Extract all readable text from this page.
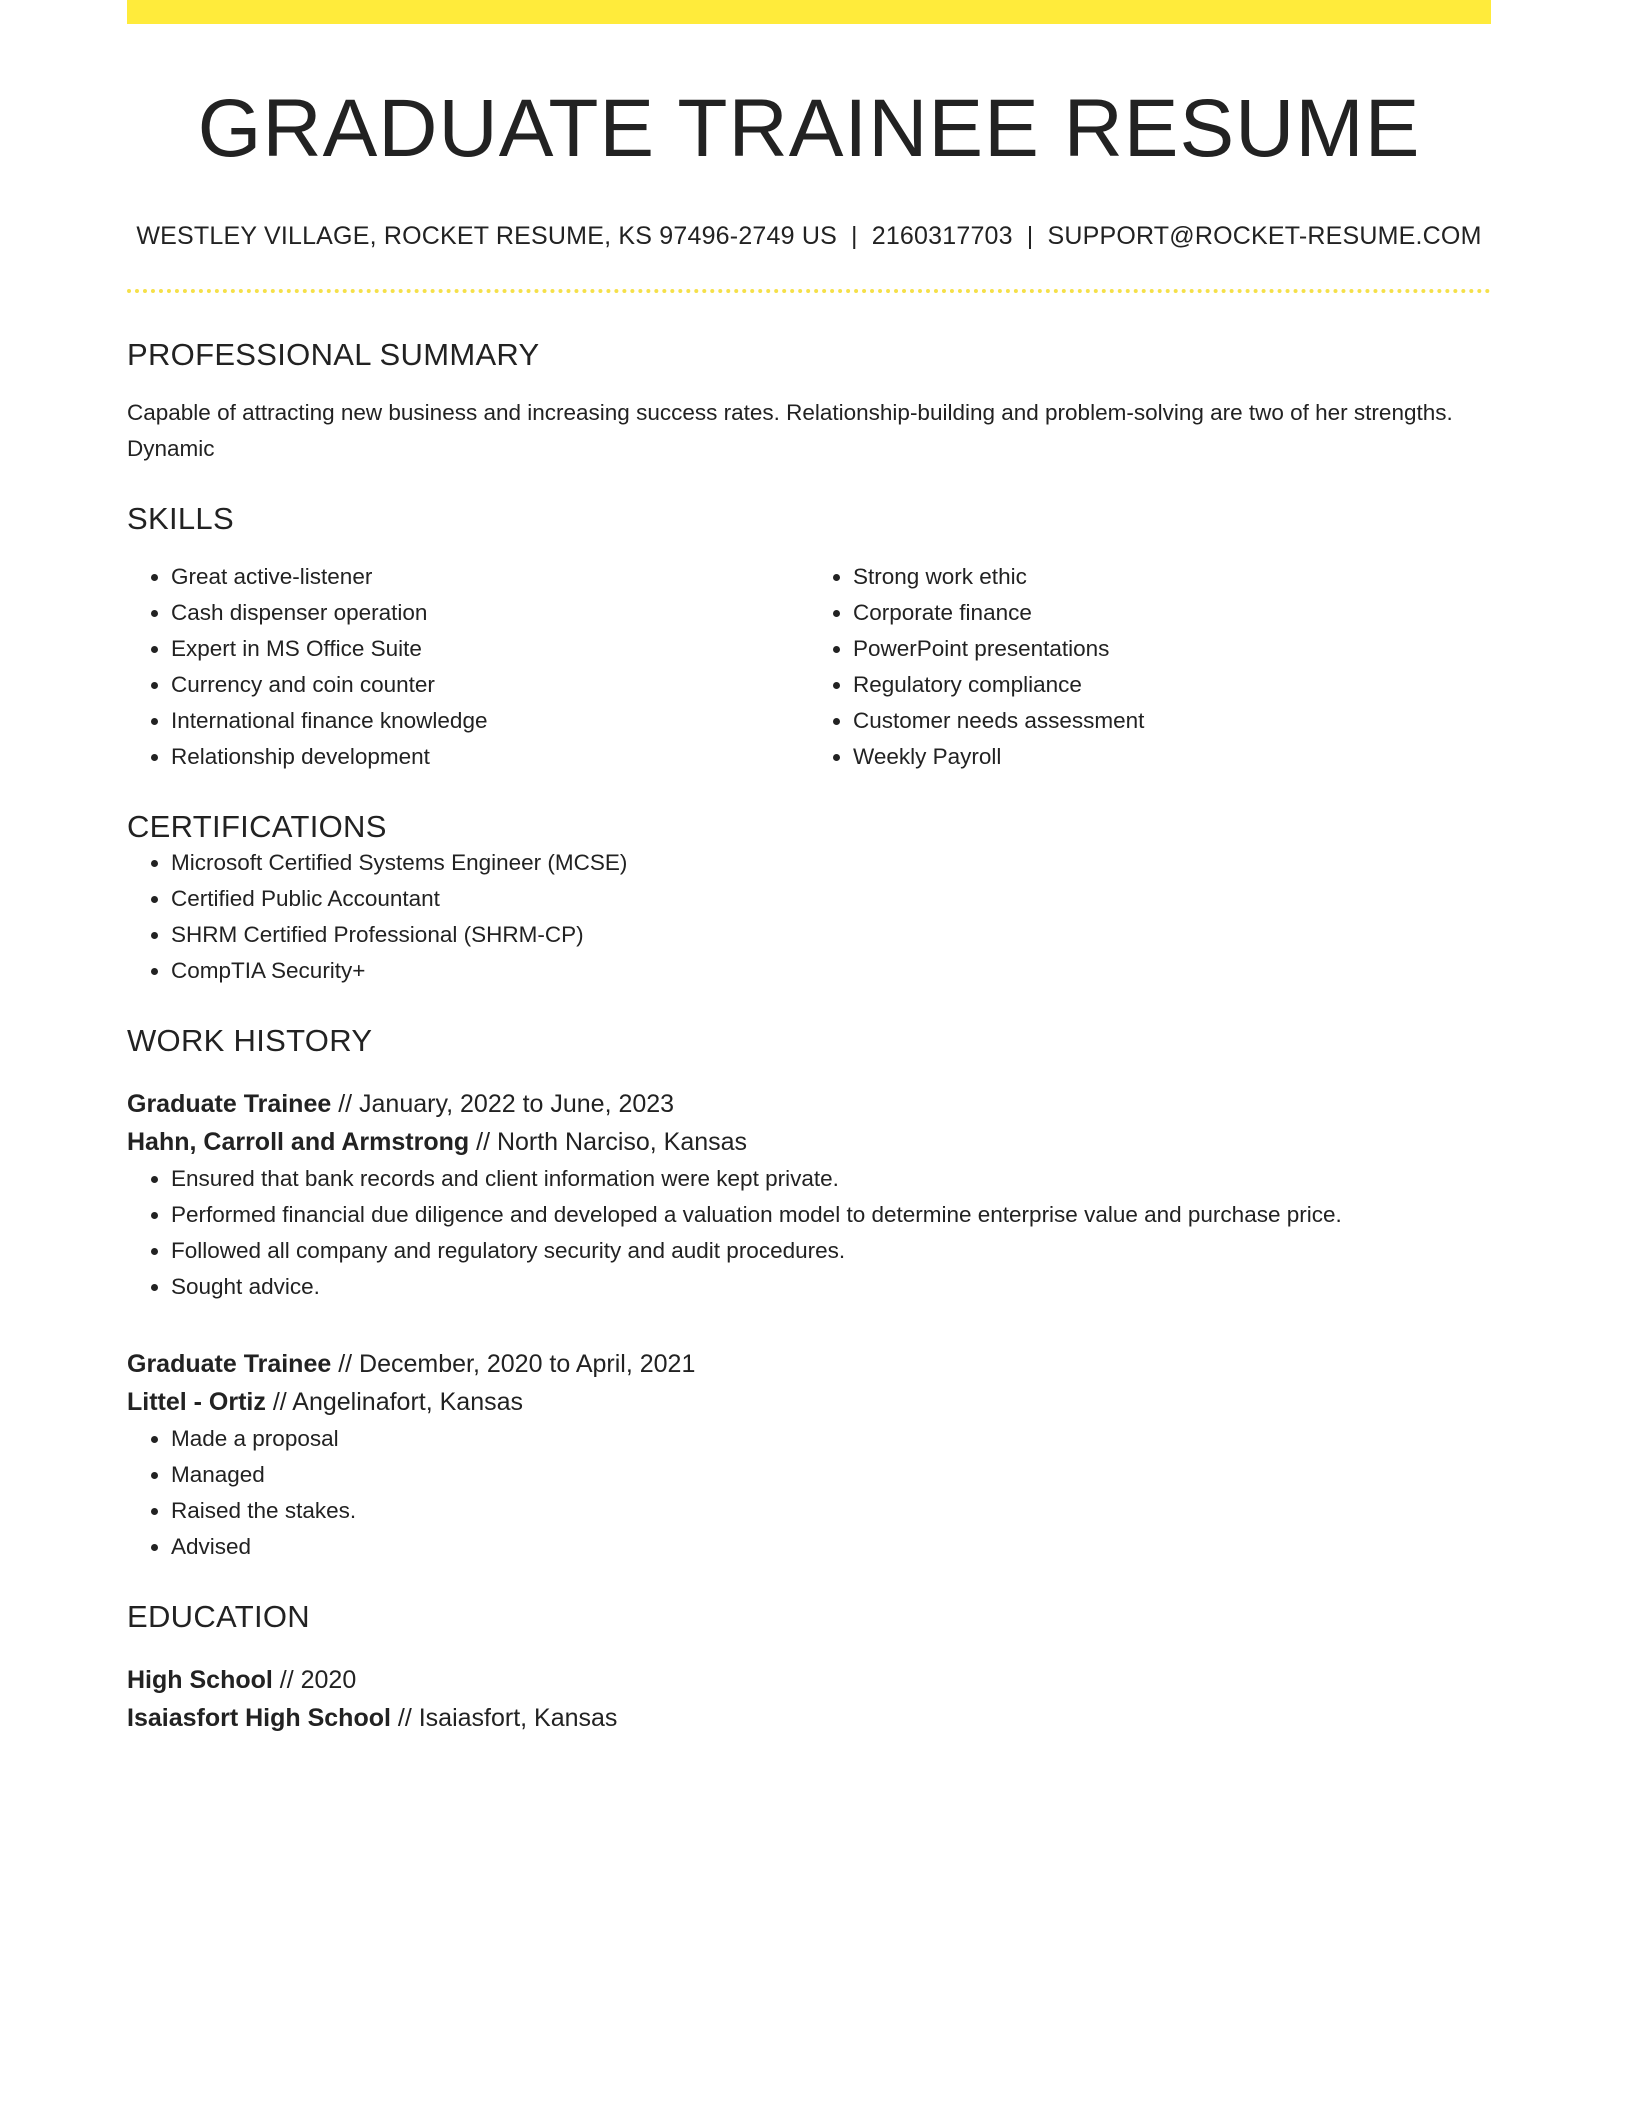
GRADUATE TRAINEE RESUME
WESTLEY VILLAGE, ROCKET RESUME, KS 97496-2749 US | 2160317703 | SUPPORT@ROCKET-RESUME.COM
PROFESSIONAL SUMMARY
Capable of attracting new business and increasing success rates. Relationship-building and problem-solving are two of her strengths. Dynamic
SKILLS
• Great active-listener
• Cash dispenser operation
• Expert in MS Office Suite
• Currency and coin counter
• International finance knowledge
• Relationship development
• Strong work ethic
• Corporate finance
• PowerPoint presentations
• Regulatory compliance
• Customer needs assessment
• Weekly Payroll
CERTIFICATIONS
• Microsoft Certified Systems Engineer (MCSE)
• Certified Public Accountant
• SHRM Certified Professional (SHRM-CP)
• CompTIA Security+
WORK HISTORY
Graduate Trainee // January, 2022 to June, 2023
Hahn, Carroll and Armstrong // North Narciso, Kansas
• Ensured that bank records and client information were kept private.
• Performed financial due diligence and developed a valuation model to determine enterprise value and purchase price.
• Followed all company and regulatory security and audit procedures.
• Sought advice.
Graduate Trainee // December, 2020 to April, 2021
Littel - Ortiz // Angelinafort, Kansas
• Made a proposal
• Managed
• Raised the stakes.
• Advised
EDUCATION
High School // 2020
Isaiasfort High School // Isaiasfort, Kansas
